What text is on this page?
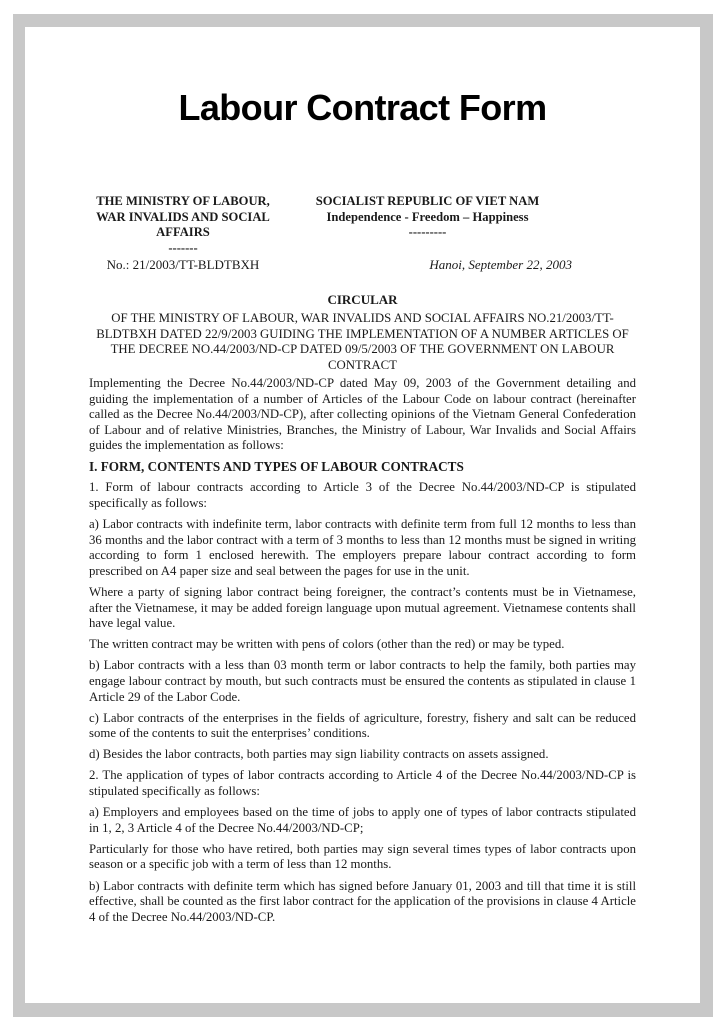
Labour Contract Form
THE MINISTRY OF LABOUR,
WAR INVALIDS AND SOCIAL
AFFAIRS
-------
SOCIALIST REPUBLIC OF VIET NAM
Independence - Freedom – Happiness
---------
No.: 21/2003/TT-BLDTBXH	Hanoi, September 22, 2003
CIRCULAR
OF THE MINISTRY OF LABOUR, WAR INVALIDS AND SOCIAL AFFAIRS NO.21/2003/TT-BLDTBXH DATED 22/9/2003 GUIDING THE IMPLEMENTATION OF A NUMBER ARTICLES OF THE DECREE NO.44/2003/ND-CP DATED 09/5/2003 OF THE GOVERNMENT ON LABOUR CONTRACT

Implementing the Decree No.44/2003/ND-CP dated May 09, 2003 of the Government detailing and guiding the implementation of a number of Articles of the Labour Code on labour contract (hereinafter called as the Decree No.44/2003/ND-CP), after collecting opinions of the Vietnam General Confederation of Labour and of relative Ministries, Branches, the Ministry of Labour, War Invalids and Social Affairs guides the implementation as follows:

I. FORM, CONTENTS AND TYPES OF LABOUR CONTRACTS

1. Form of labour contracts according to Article 3 of the Decree No.44/2003/ND-CP is stipulated specifically as follows:

a) Labor contracts with indefinite term, labor contracts with definite term from full 12 months to less than 36 months and the labor contract with a term of 3 months to less than 12 months must be signed in writing according to form 1 enclosed herewith. The employers prepare labour contract according to form prescribed on A4 paper size and seal between the pages for use in the unit.

Where a party of signing labor contract being foreigner, the contract’s contents must be in Vietnamese, after the Vietnamese, it may be added foreign language upon mutual agreement. Vietnamese contents shall have legal value.

The written contract may be written with pens of colors (other than the red) or may be typed.

b) Labor contracts with a less than 03 month term or labor contracts to help the family, both parties may engage labour contract by mouth, but such contracts must be ensured the contents as stipulated in clause 1 Article 29 of the Labor Code.

c) Labor contracts of the enterprises in the fields of agriculture, forestry, fishery and salt can be reduced some of the contents to suit the enterprises’ conditions.

d) Besides the labor contracts, both parties may sign liability contracts on assets assigned.

2. The application of types of labor contracts according to Article 4 of the Decree No.44/2003/ND-CP is stipulated specifically as follows:

a) Employers and employees based on the time of jobs to apply one of types of labor contracts stipulated in 1, 2, 3 Article 4 of the Decree No.44/2003/ND-CP;

Particularly for those who have retired, both parties may sign several times types of labor contracts upon season or a specific job with a term of less than 12 months.

b) Labor contracts with definite term which has signed before January 01, 2003 and till that time it is still effective, shall be counted as the first labor contract for the application of the provisions in clause 4 Article 4 of the Decree No.44/2003/ND-CP.
